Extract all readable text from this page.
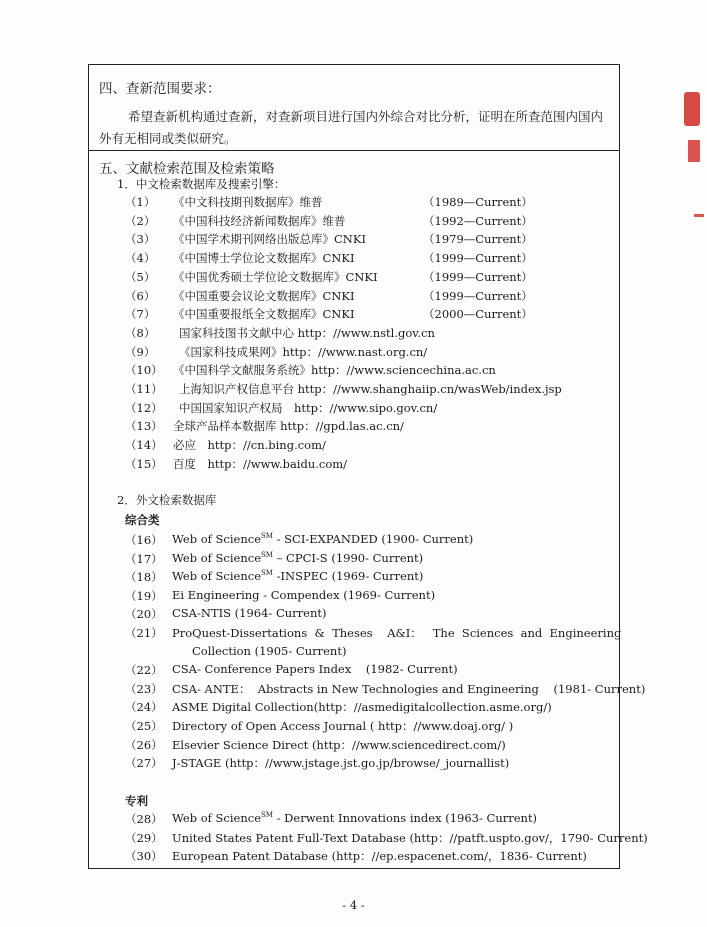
四、查新范围要求：
希望查新机构通过查新，对查新项目进行国内外综合对比分析，证明在所查范围内国内
外有无相同或类似研究。
五、文献检索范围及检索策略
1．中文检索数据库及搜索引擎：
（1）	《中文科技期刊数据库》维普	（1989—Current）
（2）	《中国科技经济新闻数据库》维普	（1992—Current）
（3）	《中国学术期刊网络出版总库》CNKI	（1979—Current）
（4）	《中国博士学位论文数据库》CNKI	（1999—Current）
（5）	《中国优秀硕士学位论文数据库》CNKI	（1999—Current）
（6）	《中国重要会议论文数据库》CNKI	（1999—Current）
（7）	《中国重要报纸全文数据库》CNKI	（2000—Current）
（8）	国家科技图书文献中心 http：//www.nstl.gov.cn
（9）	《国家科技成果网》http：//www.nast.org.cn/
（10） 《中国科学文献服务系统》http：//www.sciencechina.ac.cn
（11） 上海知识产权信息平台 http：//www.shanghaiip.cn/wasWeb/index.jsp
（12） 中国国家知识产权局　http：//www.sipo.gov.cn/
（13） 全球产品样本数据库 http：//gpd.las.ac.cn/
（14） 必应　http：//cn.bing.com/
（15） 百度　http：//www.baidu.com/
2．外文检索数据库
综合类
（16） Web of Science℠ - SCI-EXPANDED (1900- Current)
（17） Web of Science℠ – CPCI-S (1990- Current)
（18） Web of Science℠ -INSPEC (1969- Current)
（19） Ei Engineering - Compendex (1969- Current)
（20） CSA-NTIS (1964- Current)
（21） ProQuest-Dissertations  &  Theses    A&I：   The  Sciences  and  Engineering
Collection (1905- Current)
（22） CSA- Conference Papers Index    (1982- Current)
（23） CSA- ANTE：  Abstracts in New Technologies and Engineering    (1981- Current)
（24） ASME Digital Collection(http：//asmedigitalcollection.asme.org/)
（25） Directory of Open Access Journal ( http：//www.doaj.org/ )
（26） Elsevier Science Direct (http：//www.sciencedirect.com/)
（27） J-STAGE (http：//www.jstage.jst.go.jp/browse/_journallist)
专利
（28） Web of Science℠ - Derwent Innovations index (1963- Current)
（29） United States Patent Full-Text Database (http：//patft.uspto.gov/，1790- Current)
（30） European Patent Database (http：//ep.espacenet.com/，1836- Current)
- 4 -
